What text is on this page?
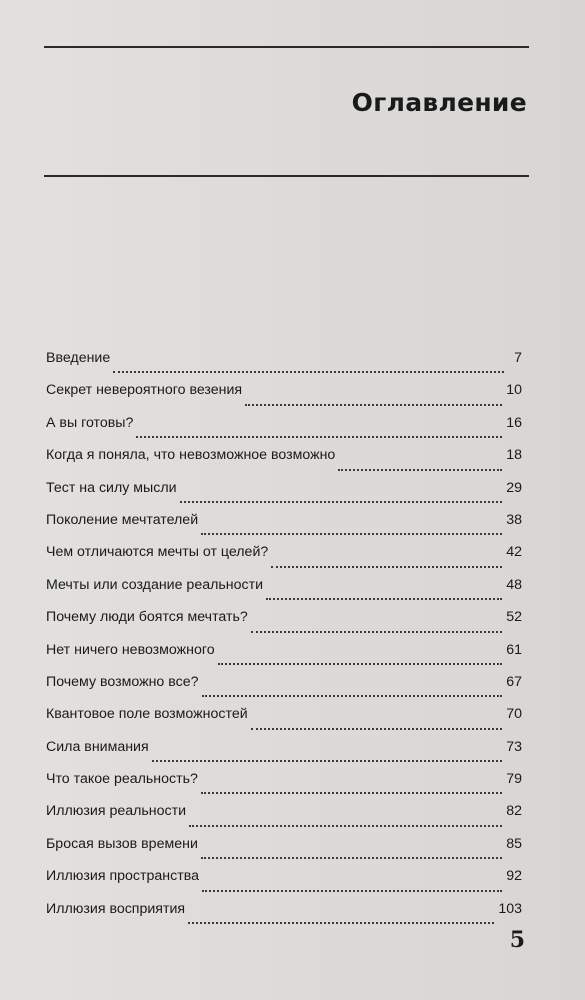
Оглавление
Введение	7
Секрет невероятного везения	10
А вы готовы?	16
Когда я поняла, что невозможное возможно	18
Тест на силу мысли	29
Поколение мечтателей	38
Чем отличаются мечты от целей?	42
Мечты или создание реальности	48
Почему люди боятся мечтать?	52
Нет ничего невозможного	61
Почему возможно все?	67
Квантовое поле возможностей	70
Сила внимания	73
Что такое реальность?	79
Иллюзия реальности	82
Бросая вызов времени	85
Иллюзия пространства	92
Иллюзия восприятия	103
5
